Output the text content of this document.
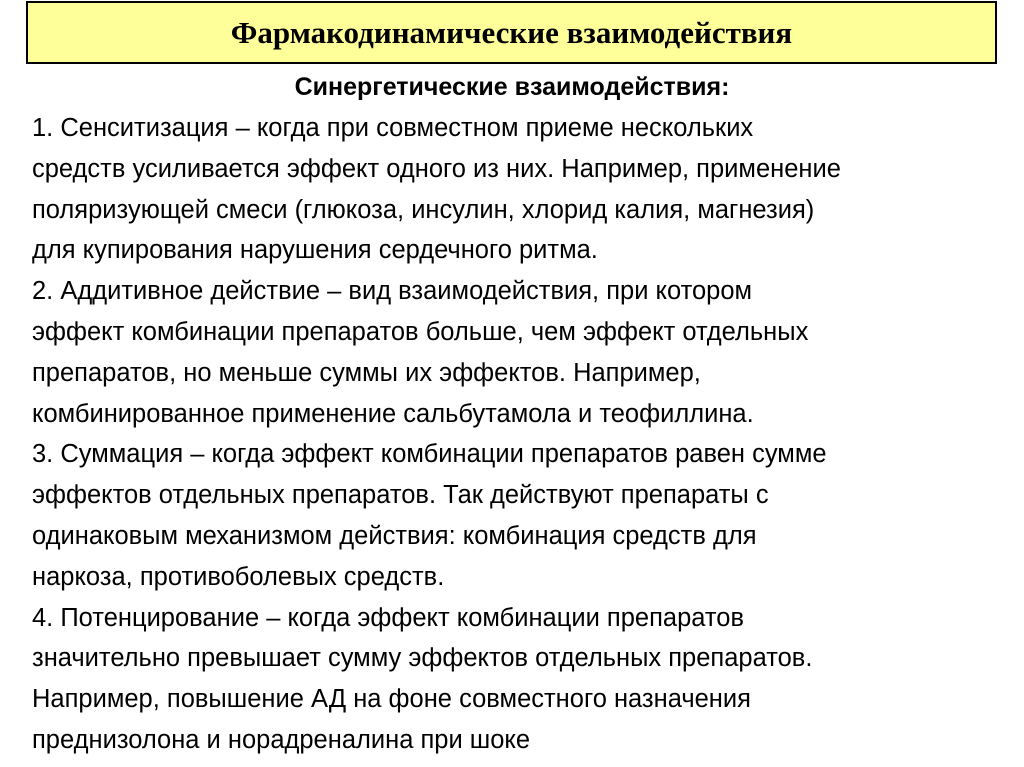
Фармакодинамические взаимодействия
Синергетические взаимодействия:
1. Сенситизация – когда при совместном приеме нескольких
средств усиливается эффект одного из них. Например, применение
поляризующей смеси (глюкоза, инсулин, хлорид калия, магнезия)
для купирования нарушения сердечного ритма.
2. Аддитивное действие – вид взаимодействия, при котором
эффект комбинации препаратов больше, чем эффект отдельных
препаратов, но меньше суммы их эффектов. Например,
комбинированное применение сальбутамола и теофиллина.
3. Суммация – когда эффект комбинации препаратов равен сумме
эффектов отдельных препаратов. Так действуют препараты с
одинаковым механизмом действия: комбинация средств для
наркоза, противоболевых средств.
4. Потенцирование – когда эффект комбинации препаратов
значительно превышает сумму эффектов отдельных препаратов.
Например, повышение АД на фоне совместного назначения
преднизолона и норадреналина при шоке
